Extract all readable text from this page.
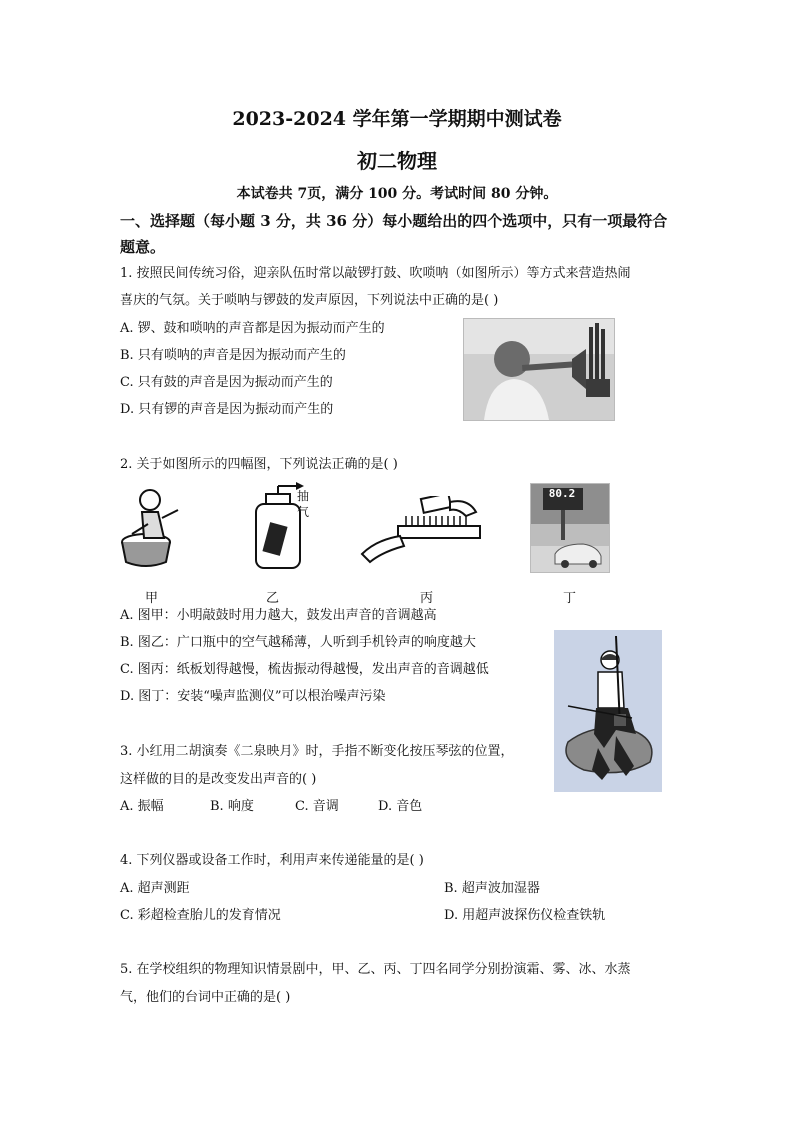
2023-2024 学年第一学期期中测试卷
初二物理
本试卷共 7页，满分 100 分。考试时间 80 分钟。
一、选择题（每小题 3 分，共 36 分）每小题给出的四个选项中，只有一项最符合题意。
1. 按照民间传统习俗，迎亲队伍时常以敲锣打鼓、吹唢呐（如图所示）等方式来营造热闹
喜庆的气氛。关于唢呐与锣鼓的发声原因，下列说法中正确的是( )
A. 锣、鼓和唢呐的声音都是因为振动而产生的
B. 只有唢呐的声音是因为振动而产生的
C. 只有鼓的声音是因为振动而产生的
D. 只有锣的声音是因为振动而产生的
2. 关于如图所示的四幅图，下列说法正确的是( )
抽气
80.2
甲	乙	丙	丁
A. 图甲：小明敲鼓时用力越大，鼓发出声音的音调越高
B. 图乙：广口瓶中的空气越稀薄，人听到手机铃声的响度越大
C. 图丙：纸板划得越慢，梳齿振动得越慢，发出声音的音调越低
D. 图丁：安装“噪声监测仪”可以根治噪声污染
3. 小红用二胡演奏《二泉映月》时，手指不断变化按压琴弦的位置，
这样做的目的是改变发出声音的( )
A. 振幅	B. 响度	C. 音调	D. 音色
4. 下列仪器或设备工作时，利用声来传递能量的是( )
A. 超声测距	B. 超声波加湿器
C. 彩超检查胎儿的发育情况	D. 用超声波探伤仪检查铁轨
5. 在学校组织的物理知识情景剧中，甲、乙、丙、丁四名同学分别扮演霜、雾、冰、水蒸
气，他们的台词中正确的是( )
